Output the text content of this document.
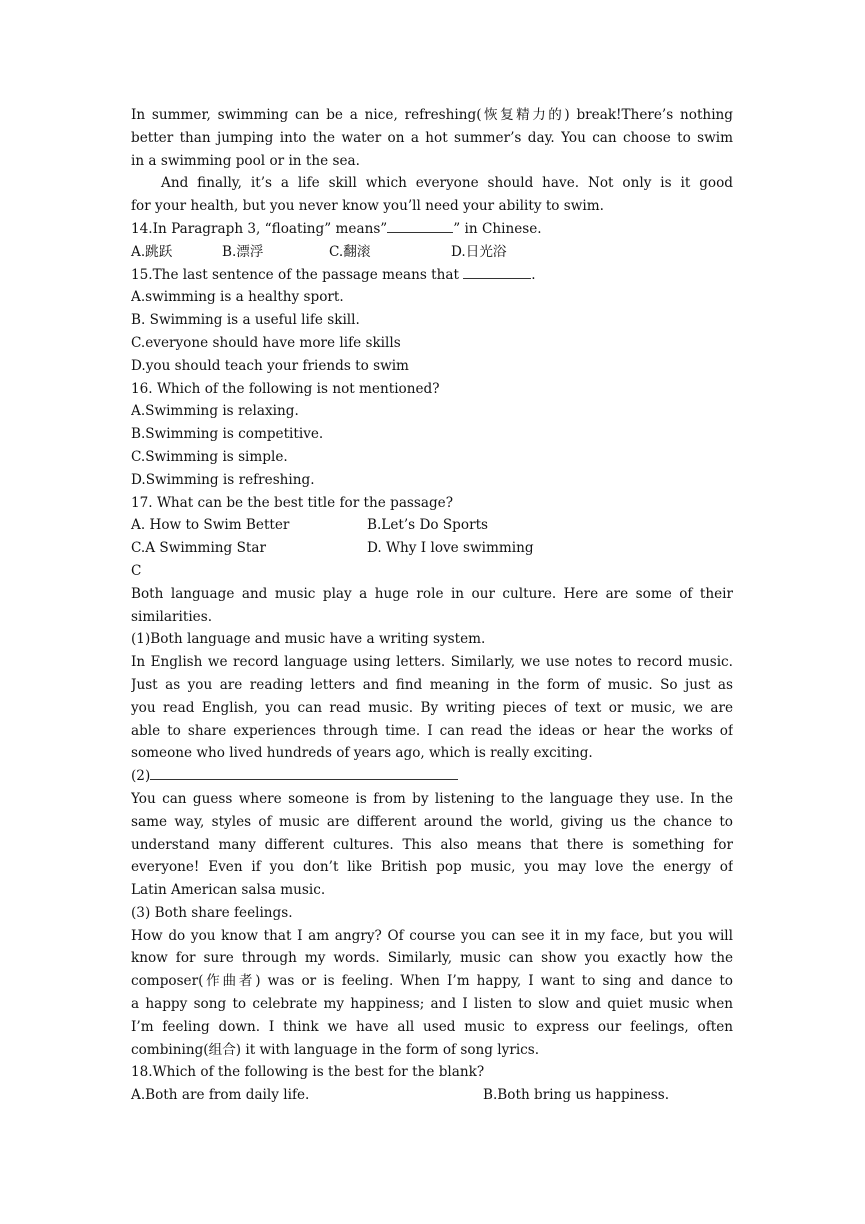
In summer, swimming can be a nice, refreshing(恢复精力的) break!There’s nothing
better than jumping into the water on a hot summer’s day. You can choose to swim
in a swimming pool or in the sea.
And finally, it’s a life skill which everyone should have. Not only is it good
for your health, but you never know you’ll need your ability to swim.
14.In Paragraph 3, “floating” means”	” in Chinese.
A.跳跃	B.漂浮	C.翻滚	D.日光浴
15.The last sentence of the passage means that	.
A.swimming is a healthy sport.
B. Swimming is a useful life skill.
C.everyone should have more life skills
D.you should teach your friends to swim
16. Which of the following is not mentioned?
A.Swimming is relaxing.
B.Swimming is competitive.
C.Swimming is simple.
D.Swimming is refreshing.
17. What can be the best title for the passage?
A. How to Swim Better	B.Let’s Do Sports
C.A Swimming Star	D. Why I love swimming
C
Both language and music play a huge role in our culture. Here are some of their
similarities.
(1)Both language and music have a writing system.
In English we record language using letters. Similarly, we use notes to record music.
Just as you are reading letters and find meaning in the form of music. So just as
you read English, you can read music. By writing pieces of text or music, we are
able to share experiences through time. I can read the ideas or hear the works of
someone who lived hundreds of years ago, which is really exciting.
(2)
You can guess where someone is from by listening to the language they use. In the
same way, styles of music are different around the world, giving us the chance to
understand many different cultures. This also means that there is something for
everyone! Even if you don’t like British pop music, you may love the energy of
Latin American salsa music.
(3) Both share feelings.
How do you know that I am angry? Of course you can see it in my face, but you will
know for sure through my words. Similarly, music can show you exactly how the
composer(作曲者) was or is feeling. When I’m happy, I want to sing and dance to
a happy song to celebrate my happiness; and I listen to slow and quiet music when
I’m feeling down. I think we have all used music to express our feelings, often
combining(组合) it with language in the form of song lyrics.
18.Which of the following is the best for the blank?
A.Both are from daily life.	B.Both bring us happiness.
